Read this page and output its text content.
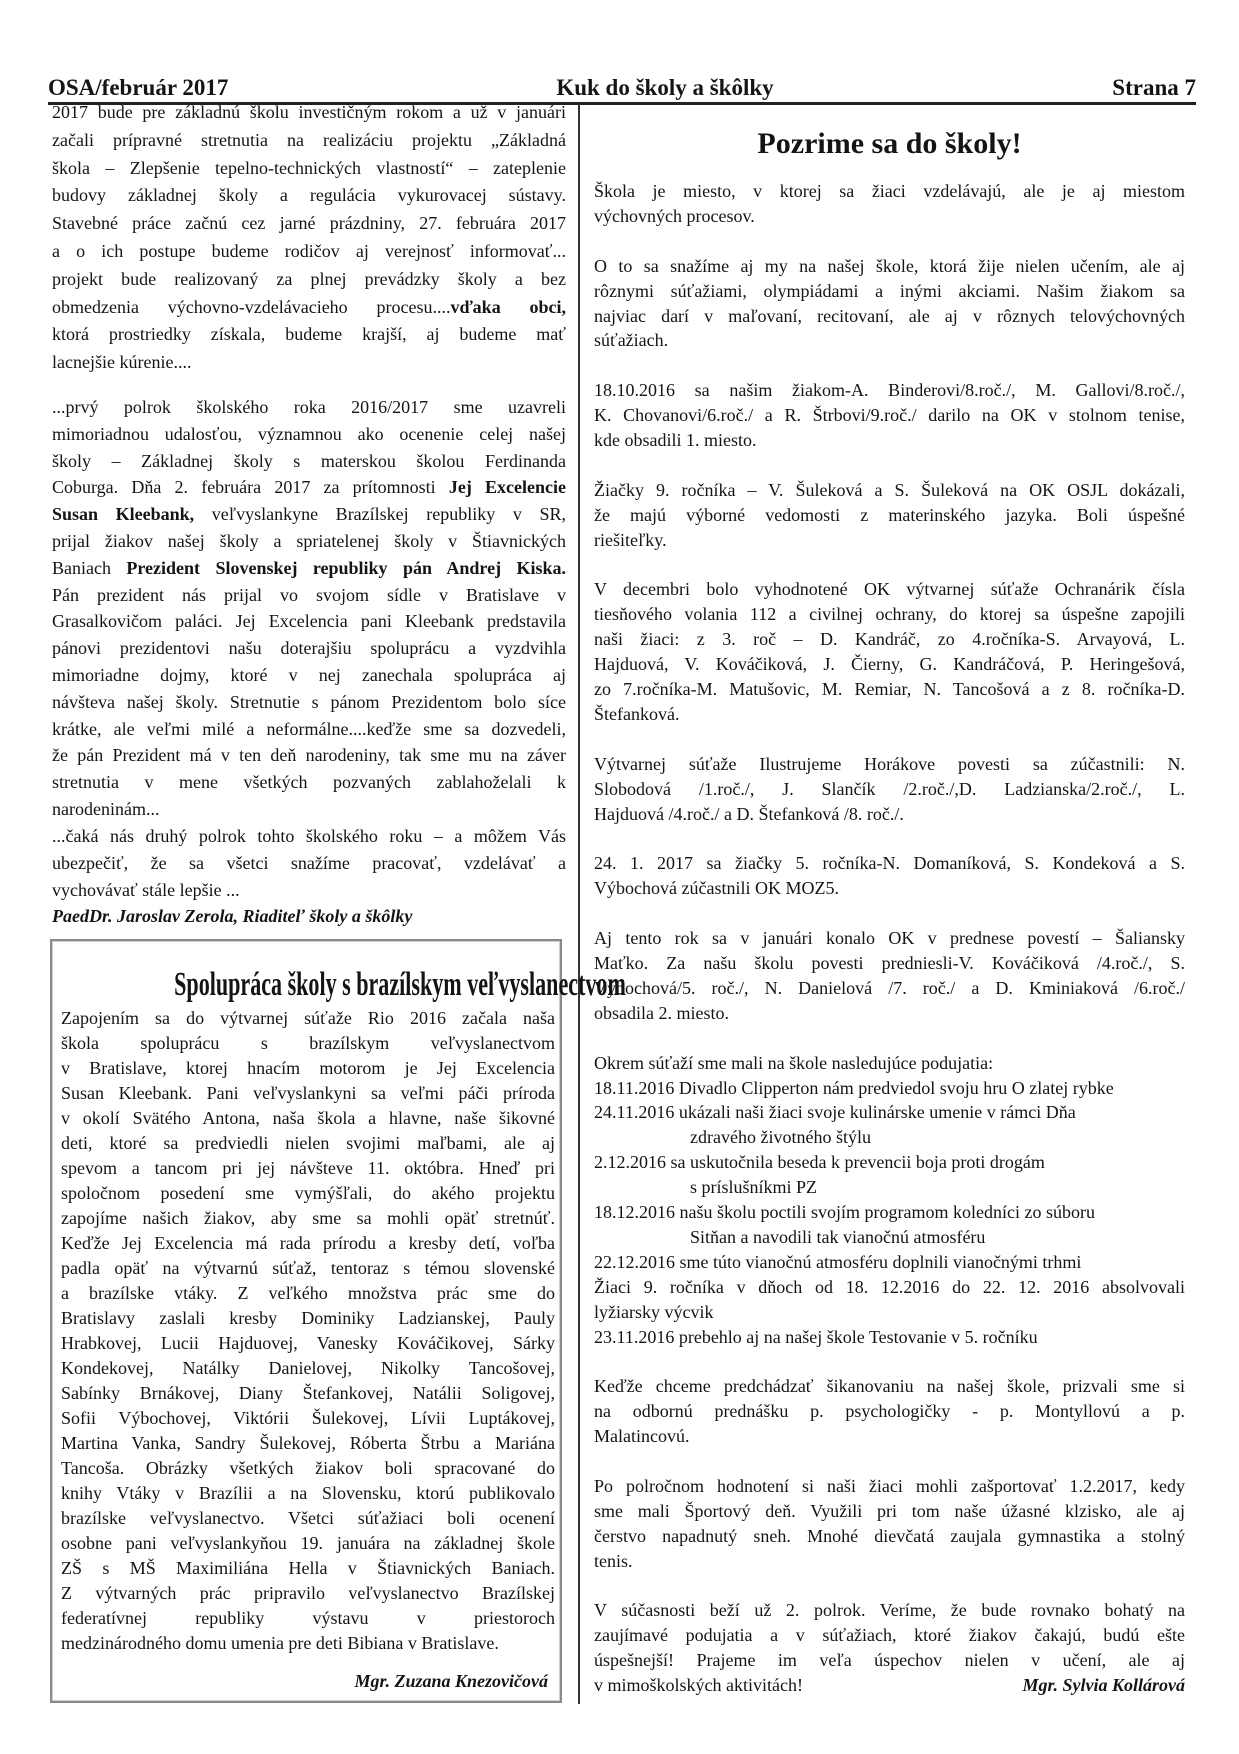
OSA/február 2017	Kuk do školy a škôlky	Strana 7
2017 bude pre základnú školu investičným rokom a už v januári
začali prípravné stretnutia na realizáciu projektu „Základná
škola – Zlepšenie tepelno-technických vlastností“ – zateplenie
budovy základnej školy a regulácia vykurovacej sústavy.
Stavebné práce začnú cez jarné prázdniny, 27. februára 2017
a o ich postupe budeme rodičov aj verejnosť informovať...
projekt bude realizovaný za plnej prevádzky školy a bez
obmedzenia výchovno-vzdelávacieho procesu....vďaka obci,
ktorá prostriedky získala, budeme krajší, aj budeme mať
lacnejšie kúrenie....
...prvý polrok školského roka 2016/2017 sme uzavreli
mimoriadnou udalosťou, významnou ako ocenenie celej našej
školy – Základnej školy s materskou školou Ferdinanda
Coburga. Dňa 2. februára 2017 za prítomnosti Jej Excelencie
Susan Kleebank, veľvyslankyne Brazílskej republiky v SR,
prijal žiakov našej školy a spriatelenej školy v Štiavnických
Baniach Prezident Slovenskej republiky pán Andrej Kiska.
Pán prezident nás prijal vo svojom sídle v Bratislave v
Grasalkovičom paláci. Jej Excelencia pani Kleebank predstavila
pánovi prezidentovi našu doterajšiu spoluprácu a vyzdvihla
mimoriadne dojmy, ktoré v nej zanechala spolupráca aj
návšteva našej školy. Stretnutie s pánom Prezidentom bolo síce
krátke, ale veľmi milé a neformálne....keďže sme sa dozvedeli,
že pán Prezident má v ten deň narodeniny, tak sme mu na záver
stretnutia v mene všetkých pozvaných zablahoželali k
narodeninám...
...čaká nás druhý polrok tohto školského roku – a môžem Vás
ubezpečiť, že sa všetci snažíme pracovať, vzdelávať a
vychovávať stále lepšie ...
PaedDr. Jaroslav Zerola, Riaditeľ školy a škôlky
Spolupráca školy s brazílskym veľvyslanectvom
Zapojením sa do výtvarnej súťaže Rio 2016 začala naša
škola spoluprácu s brazílskym veľvyslanectvom
v Bratislave, ktorej hnacím motorom je Jej Excelencia
Susan Kleebank. Pani veľvyslankyni sa veľmi páči príroda
v okolí Svätého Antona, naša škola a hlavne, naše šikovné
deti, ktoré sa predviedli nielen svojimi maľbami, ale aj
spevom a tancom pri jej návšteve 11. októbra. Hneď pri
spoločnom posedení sme vymýšľali, do akého projektu
zapojíme našich žiakov, aby sme sa mohli opäť stretnúť.
Keďže Jej Excelencia má rada prírodu a kresby detí, voľba
padla opäť na výtvarnú súťaž, tentoraz s témou slovenské
a brazílske vtáky. Z veľkého množstva prác sme do
Bratislavy zaslali kresby Dominiky Ladzianskej, Pauly
Hrabkovej, Lucii Hajduovej, Vanesky Kováčikovej, Sárky
Kondekovej, Natálky Danielovej, Nikolky Tancošovej,
Sabínky Brnákovej, Diany Štefankovej, Natálii Soligovej,
Sofii Výbochovej, Viktórii Šulekovej, Lívii Luptákovej,
Martina Vanka, Sandry Šulekovej, Róberta Štrbu a Mariána
Tancoša. Obrázky všetkých žiakov boli spracované do
knihy Vtáky v Brazílii a na Slovensku, ktorú publikovalo
brazílske veľvyslanectvo. Všetci súťažiaci boli ocenení
osobne pani veľvyslankyňou 19. januára na základnej škole
ZŠ s MŠ Maximiliána Hella v Štiavnických Baniach.
Z výtvarných prác pripravilo veľvyslanectvo Brazílskej
federatívnej republiky výstavu v priestoroch
medzinárodného domu umenia pre deti Bibiana v Bratislave.
Mgr. Zuzana Knezovičová
Pozrime sa do školy!
Škola je miesto, v ktorej sa žiaci vzdelávajú, ale je aj miestom
výchovných procesov.
O to sa snažíme aj my na našej škole, ktorá žije nielen učením, ale aj
rôznymi súťažiami, olympiádami a inými akciami. Našim žiakom sa
najviac darí v maľovaní, recitovaní, ale aj v rôznych telovýchovných
súťažiach.
18.10.2016 sa našim žiakom-A. Binderovi/8.roč./, M. Gallovi/8.roč./,
K. Chovanovi/6.roč./ a R. Štrbovi/9.roč./ darilo na OK v stolnom tenise,
kde obsadili 1. miesto.
Žiačky 9. ročníka – V. Šuleková a S. Šuleková na OK OSJL dokázali,
že majú výborné vedomosti z materinského jazyka. Boli úspešné
riešiteľky.
V decembri bolo vyhodnotené OK výtvarnej súťaže Ochranárik čísla
tiesňového volania 112 a civilnej ochrany, do ktorej sa úspešne zapojili
naši žiaci: z 3. roč – D. Kandráč, zo 4.ročníka-S. Arvayová, L.
Hajduová, V. Kováčiková, J. Čierny, G. Kandráčová, P. Heringešová,
zo 7.ročníka-M. Matušovic, M. Remiar, N. Tancošová a z 8. ročníka-D.
Štefanková.
Výtvarnej súťaže Ilustrujeme Horákove povesti sa zúčastnili: N.
Slobodová /1.roč./, J. Slančík /2.roč./,D. Ladzianska/2.roč./, L.
Hajduová /4.roč./ a D. Štefanková /8. roč./.
24. 1. 2017 sa žiačky 5. ročníka-N. Domaníková, S. Kondeková a S.
Výbochová zúčastnili OK MOZ5.
Aj tento rok sa v januári konalo OK v prednese povestí – Šaliansky
Maťko. Za našu školu povesti predniesli-V. Kováčiková /4.roč./, S.
Výbochová/5. roč./, N. Danielová /7. roč./ a D. Kminiaková /6.roč./
obsadila 2. miesto.
Okrem súťaží sme mali na škole nasledujúce podujatia:
18.11.2016 Divadlo Clipperton nám predviedol svoju hru O zlatej rybke
24.11.2016 ukázali naši žiaci svoje kulinárske umenie v rámci Dňa
zdravého životného štýlu
2.12.2016 sa uskutočnila beseda k prevencii boja proti drogám
s príslušníkmi PZ
18.12.2016 našu školu poctili svojím programom koledníci zo súboru
Sitňan a navodili tak vianočnú atmosféru
22.12.2016 sme túto vianočnú atmosféru doplnili vianočnými trhmi
Žiaci 9. ročníka v dňoch od 18. 12.2016 do 22. 12. 2016 absolvovali
lyžiarsky výcvik
23.11.2016 prebehlo aj na našej škole Testovanie v 5. ročníku
Keďže chceme predchádzať šikanovaniu na našej škole, prizvali sme si
na odbornú prednášku p. psychologičky - p. Montyllovú a p.
Malatincovú.
Po polročnom hodnotení si naši žiaci mohli zašportovať 1.2.2017, kedy
sme mali Športový deň. Využili pri tom naše úžasné klzisko, ale aj
čerstvo napadnutý sneh. Mnohé dievčatá zaujala gymnastika a stolný
tenis.
V súčasnosti beží už 2. polrok. Veríme, že bude rovnako bohatý na
zaujímavé podujatia a v súťažiach, ktoré žiakov čakajú, budú ešte
úspešnejší! Prajeme im veľa úspechov nielen v učení, ale aj
v mimoškolských aktivitách!	Mgr. Sylvia Kollárová
